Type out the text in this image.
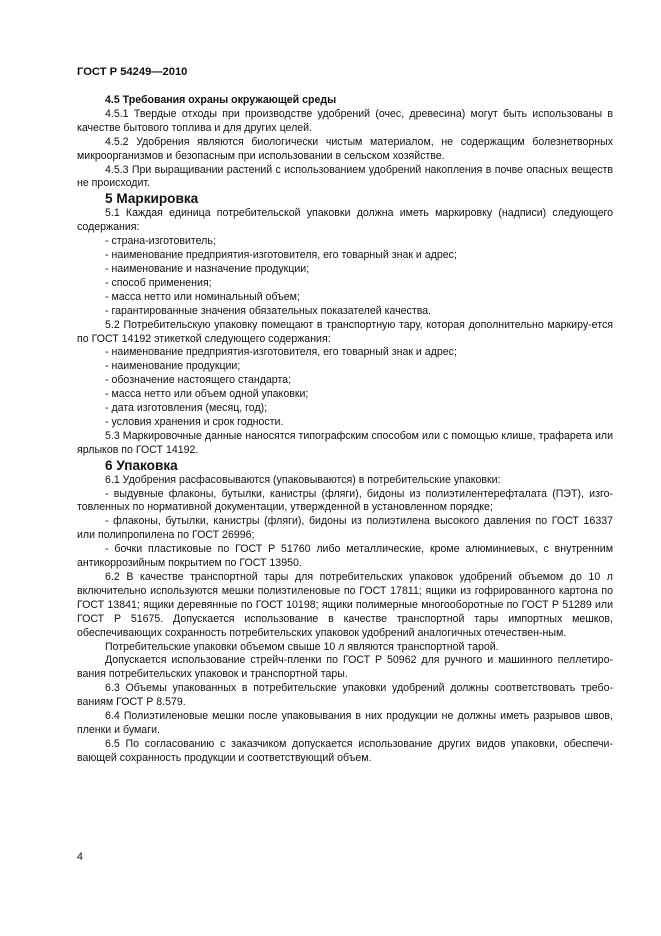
ГОСТ Р 54249—2010

4.5 Требования охраны окружающей среды

4.5.1 Твердые отходы при производстве удобрений (очес, древесина) могут быть использованы в качестве бытового топлива и для других целей.

4.5.2 Удобрения являются биологически чистым материалом, не содержащим болезнетворных микроорганизмов и безопасным при использовании в сельском хозяйстве.

4.5.3 При выращивании растений с использованием удобрений накопления в почве опасных веществ не происходит.

5 Маркировка

5.1 Каждая единица потребительской упаковки должна иметь маркировку (надписи) следующего содержания:

- страна-изготовитель;

- наименование предприятия-изготовителя, его товарный знак и адрес;

- наименование и назначение продукции;

- способ применения;

- масса нетто или номинальный объем;

- гарантированные значения обязательных показателей качества.

5.2 Потребительскую упаковку помещают в транспортную тару, которая дополнительно маркиру-ется по ГОСТ 14192 этикеткой следующего содержания:

- наименование предприятия-изготовителя, его товарный знак и адрес;

- наименование продукции;

- обозначение настоящего стандарта;

- масса нетто или объем одной упаковки;

- дата изготовления (месяц, год);

- условия хранения и срок годности.

5.3 Маркировочные данные наносятся типографским способом или с помощью клише, трафарета или ярлыков по ГОСТ 14192.

6 Упаковка

6.1 Удобрения расфасовываются (упаковываются) в потребительские упаковки:

- выдувные флаконы, бутылки, канистры (фляги), бидоны из полиэтилентерефталата (ПЭТ), изго-товленных по нормативной документации, утвержденной в установленном порядке;

- флаконы, бутылки, канистры (фляги), бидоны из полиэтилена высокого давления по ГОСТ 16337 или полипропилена по ГОСТ 26996;

- бочки пластиковые по ГОСТ Р 51760 либо металлические, кроме алюминиевых, с внутренним антикоррозийным покрытием по ГОСТ 13950.

6.2 В качестве транспортной тары для потребительских упаковок удобрений объемом до 10 л включительно используются мешки полиэтиленовые по ГОСТ 17811; ящики из гофрированного картона по ГОСТ 13841; ящики деревянные по ГОСТ 10198; ящики полимерные многооборотные по ГОСТ Р 51289 или ГОСТ Р 51675. Допускается использование в качестве транспортной тары импортных мешков, обеспечивающих сохранность потребительских упаковок удобрений аналогичных отечествен-ным.

Потребительские упаковки объемом свыше 10 л являются транспортной тарой.

Допускается использование стрейч-пленки по ГОСТ Р 50962 для ручного и машинного пеллетиро-вания потребительских упаковок и транспортной тары.

6.3 Объемы упакованных в потребительские упаковки удобрений должны соответствовать требо-ваниям ГОСТ Р 8.579.

6.4 Полиэтиленовые мешки после упаковывания в них продукции не должны иметь разрывов швов, пленки и бумаги.

6.5 По согласованию с заказчиком допускается использование других видов упаковки, обеспечи-вающей сохранность продукции и соответствующий объем.

4
